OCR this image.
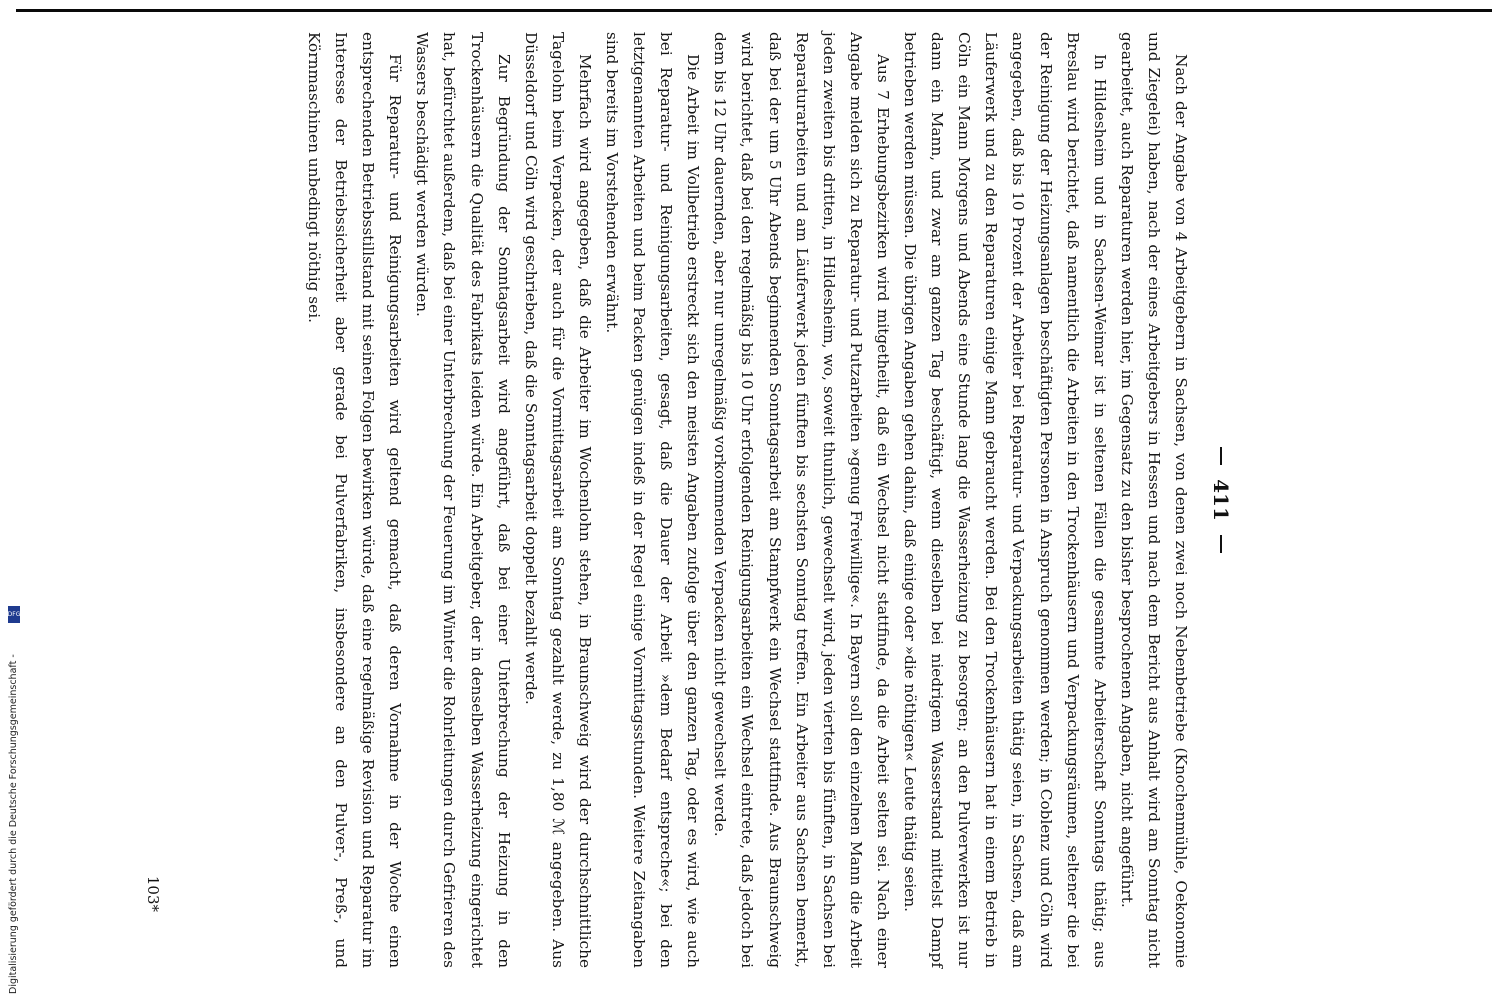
DFG
Digitalisierung gefördert durch die Deutsche Forschungsgemeinschaft -
411

Nach der Angabe von 4 Arbeitgebern in Sachsen, von denen zwei noch Nebenbetriebe (Knochenmühle, Oekonomie und Ziegelei) haben, nach der eines Arbeitgebers in Hessen und nach dem Bericht aus Anhalt wird am Sonntag nicht gearbeitet, auch Reparaturen werden hier, im Gegensatz zu den bisher besprochenen Angaben, nicht angeführt.

In Hildesheim und in Sachsen-Weimar ist in seltenen Fällen die gesammte Arbeiterschaft Sonntags thätig; aus Breslau wird berichtet, daß namentlich die Arbeiten in den Trockenhäusern und Verpackungsräumen, seltener die bei der Reinigung der Heizungsanlagen beschäftigten Personen in Anspruch genommen werden; in Coblenz und Cöln wird angegeben, daß bis 10 Prozent der Arbeiter bei Reparatur- und Verpackungsarbeiten thätig seien, in Sachsen, daß am Läuferwerk und zu den Reparaturen einige Mann gebraucht werden. Bei den Trockenhäusern hat in einem Betrieb in Cöln ein Mann Morgens und Abends eine Stunde lang die Wasserheizung zu besorgen; an den Pulverwerken ist nur dann ein Mann, und zwar am ganzen Tag beschäftigt, wenn dieselben bei niedrigem Wasserstand mittelst Dampf betrieben werden müssen. Die übrigen Angaben gehen dahin, daß einige oder »die nöthigen« Leute thätig seien.

Aus 7 Erhebungsbezirken wird mitgetheilt, daß ein Wechsel nicht stattfinde, da die Arbeit selten sei. Nach einer Angabe melden sich zu Reparatur- und Putzarbeiten »genug Freiwillige«. In Bayern soll den einzelnen Mann die Arbeit jeden zweiten bis dritten, in Hildesheim, wo, soweit thunlich, gewechselt wird, jeden vierten bis fünften, in Sachsen bei Reparaturarbeiten und am Läuferwerk jeden fünften bis sechsten Sonntag treffen. Ein Arbeiter aus Sachsen bemerkt, daß bei der um 5 Uhr Abends beginnenden Sonntagsarbeit am Stampfwerk ein Wechsel stattfinde. Aus Braunschweig wird berichtet, daß bei den regelmäßig bis 10 Uhr erfolgenden Reinigungsarbeiten ein Wechsel eintrete, daß jedoch bei dem bis 12 Uhr dauernden, aber nur unregelmäßig vorkommenden Verpacken nicht gewechselt werde.

Die Arbeit im Vollbetrieb erstreckt sich den meisten Angaben zufolge über den ganzen Tag, oder es wird, wie auch bei Reparatur- und Reinigungsarbeiten, gesagt, daß die Dauer der Arbeit »dem Bedarf entspreche«; bei den letztgenannten Arbeiten und beim Packen genügen indeß in der Regel einige Vormittagsstunden. Weitere Zeitangaben sind bereits im Vorstehenden erwähnt.

Mehrfach wird angegeben, daß die Arbeiter im Wochenlohn stehen, in Braunschweig wird der durchschnittliche Tagelohn beim Verpacken, der auch für die Vormittagsarbeit am Sonntag gezahlt werde, zu 1,80 ℳ angegeben. Aus Düsseldorf und Cöln wird geschrieben, daß die Sonntagsarbeit doppelt bezahlt werde.

Zur Begründung der Sonntagsarbeit wird angeführt, daß bei einer Unterbrechung der Heizung in den Trockenhäusern die Qualität des Fabrikats leiden würde. Ein Arbeitgeber, der in denselben Wasserheizung eingerichtet hat, befürchtet außerdem, daß bei einer Unterbrechung der Feuerung im Winter die Rohrleitungen durch Gefrieren des Wassers beschädigt werden würden.

Für Reparatur- und Reinigungsarbeiten wird geltend gemacht, daß deren Vornahme in der Woche einen entsprechenden Betriebsstillstand mit seinen Folgen bewirken würde, daß eine regelmäßige Revision und Reparatur im Interesse der Betriebssicherheit aber gerade bei Pulverfabriken, insbesondere an den Pulver-, Preß-, und Körnmaschinen unbedingt nöthig sei.

103*
